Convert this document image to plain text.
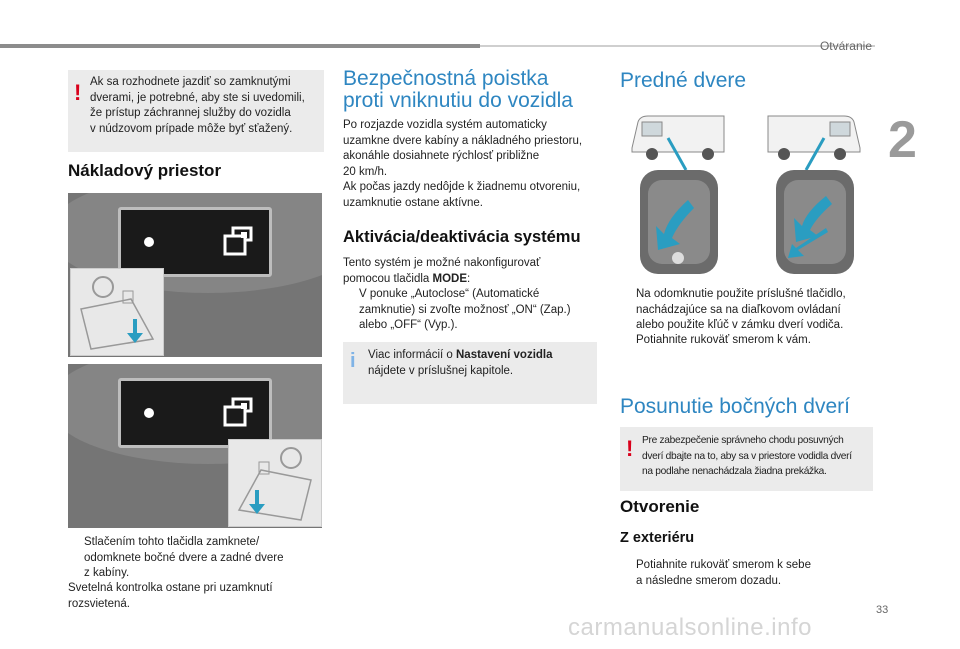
Otváranie
2
! Ak sa rozhodnete jazdiť so zamknutými
dverami, je potrebné, aby ste si uvedomili,
že prístup záchrannej služby do vozidla
v núdzovom prípade môže byť sťažený.
Nákladový priestor
Stlačením tohto tlačidla zamknete/
odomknete bočné dvere a zadné dvere
z kabíny.

Svetelná kontrolka ostane pri uzamknutí
rozsvietená.

Bezpečnostná poistka
proti vniknutiu do vozidla

Po rozjazde vozidla systém automaticky
uzamkne dvere kabíny a nákladného priestoru,
akonáhle dosiahnete rýchlosť približne
20 km/h.
Ak počas jazdy nedôjde k žiadnemu otvoreniu,
uzamknutie ostane aktívne.

Aktivácia/deaktivácia systému

Tento systém je možné nakonfigurovať
pomocou tlačidla MODE:

V ponuke „Autoclose“ (Automatické
zamknutie) si zvoľte možnosť „ON“ (Zap.)
alebo „OFF“ (Vyp.).
i Viac informácií o Nastavení vozidla
nájdete v príslušnej kapitole.

Predné dvere
Na odomknutie použite príslušné tlačidlo,
nachádzajúce sa na diaľkovom ovládaní
alebo použite kľúč v zámku dverí vodiča.
Potiahnite rukoväť smerom k vám.
Posunutie bočných dverí
! Pre zabezpečenie správneho chodu posuvných
dverí dbajte na to, aby sa v priestore vodidla dverí
na podlahe nenachádzala žiadna prekážka.
Otvorenie
Z exteriéru
Potiahnite rukoväť smerom k sebe
a následne smerom dozadu.
carmanualsonline.info
33
